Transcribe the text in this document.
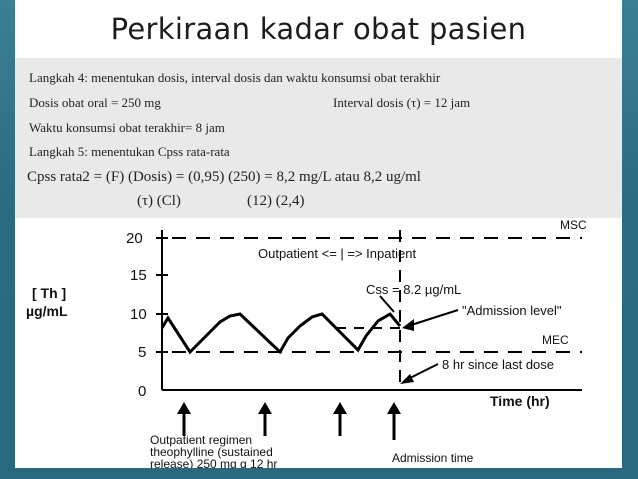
Perkiraan kadar obat pasien
Langkah 4: menentukan dosis, interval dosis dan waktu konsumsi obat terakhir
Dosis obat oral = 250 mg	Interval dosis (τ) = 12 jam
Waktu konsumsi obat terakhir= 8 jam
Langkah 5: menentukan Cpss rata-rata
Cpss rata2 = (F) (Dosis) = (0,95) (250) = 8,2 mg/L atau 8,2 ug/ml
(τ) (Cl)	(12) (2,4)
20
15
10
5
0
[ Th ]
µg/mL
MSC
MEC
Outpatient <= | => Inpatient
Css = 8.2 µg/mL
"Admission level"
8 hr since last dose
Time (hr)
Outpatient regimen
theophylline (sustained
release) 250 mg q 12 hr	Admission time
